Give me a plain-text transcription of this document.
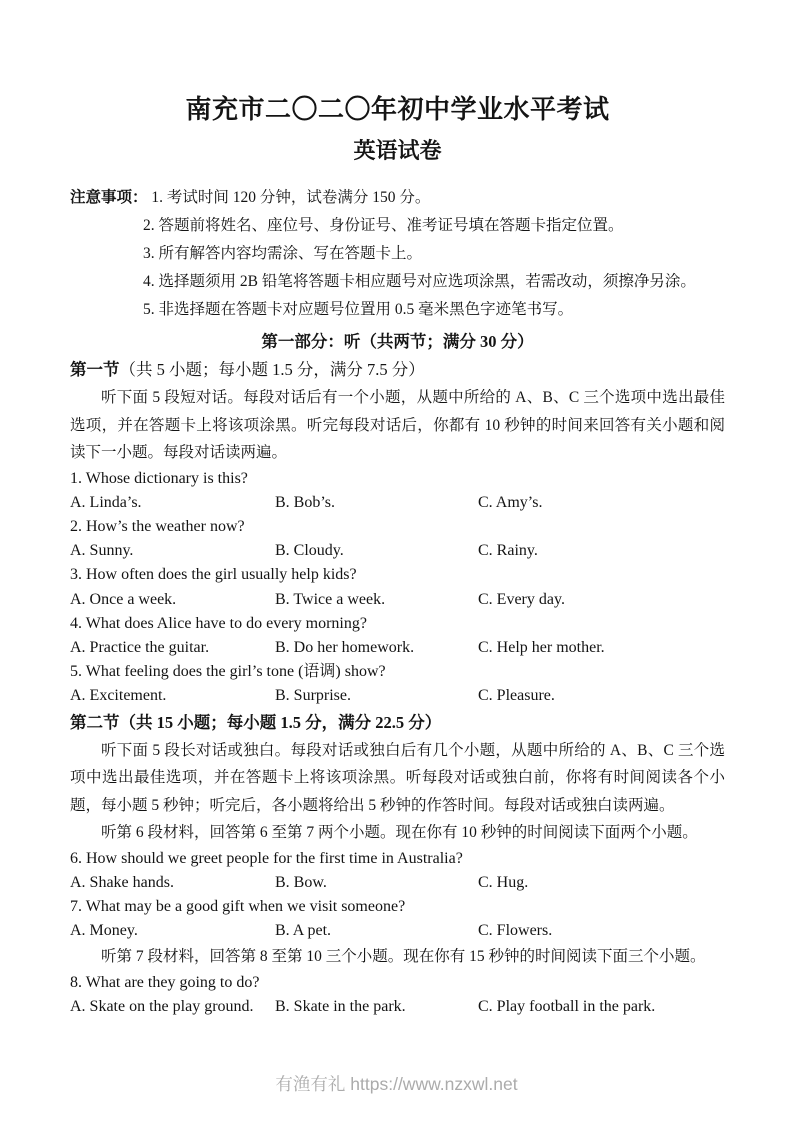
南充市二〇二〇年初中学业水平考试
英语试卷
注意事项： 1. 考试时间 120 分钟，试卷满分 150 分。
2. 答题前将姓名、座位号、身份证号、准考证号填在答题卡指定位置。
3. 所有解答内容均需涂、写在答题卡上。
4. 选择题须用 2B 铅笔将答题卡相应题号对应选项涂黑，若需改动，须擦净另涂。
5. 非选择题在答题卡对应题号位置用 0.5 毫米黑色字迹笔书写。
第一部分：听（共两节；满分 30 分）
第一节（共 5 小题；每小题 1.5 分，满分 7.5 分）

听下面 5 段短对话。每段对话后有一个小题，从题中所给的 A、B、C 三个选项中选出最佳选项，并在答题卡上将该项涂黑。听完每段对话后，你都有 10 秒钟的时间来回答有关小题和阅读下一小题。每段对话读两遍。

1. Whose dictionary is this?
A. Linda’s.	B. Bob’s.	C. Amy’s.
2. How’s the weather now?
A. Sunny.	B. Cloudy.	C. Rainy.
3. How often does the girl usually help kids?
A. Once a week.	B. Twice a week.	C. Every day.
4. What does Alice have to do every morning?
A. Practice the guitar.	B. Do her homework.	C. Help her mother.
5. What feeling does the girl’s tone (语调) show?
A. Excitement.	B. Surprise.	C. Pleasure.
第二节（共 15 小题；每小题 1.5 分，满分 22.5 分）

听下面 5 段长对话或独白。每段对话或独白后有几个小题，从题中所给的 A、B、C 三个选项中选出最佳选项，并在答题卡上将该项涂黑。听每段对话或独白前，你将有时间阅读各个小题，每小题 5 秒钟；听完后，各小题将给出 5 秒钟的作答时间。每段对话或独白读两遍。

听第 6 段材料，回答第 6 至第 7 两个小题。现在你有 10 秒钟的时间阅读下面两个小题。

6. How should we greet people for the first time in Australia?
A. Shake hands.	B. Bow.	C. Hug.
7. What may be a good gift when we visit someone?
A. Money.	B. A pet.	C. Flowers.

听第 7 段材料，回答第 8 至第 10 三个小题。现在你有 15 秒钟的时间阅读下面三个小题。

8. What are they going to do?
A. Skate on the play ground.	B. Skate in the park.	C. Play football in the park.
有渔有礼 https://www.nzxwl.net
